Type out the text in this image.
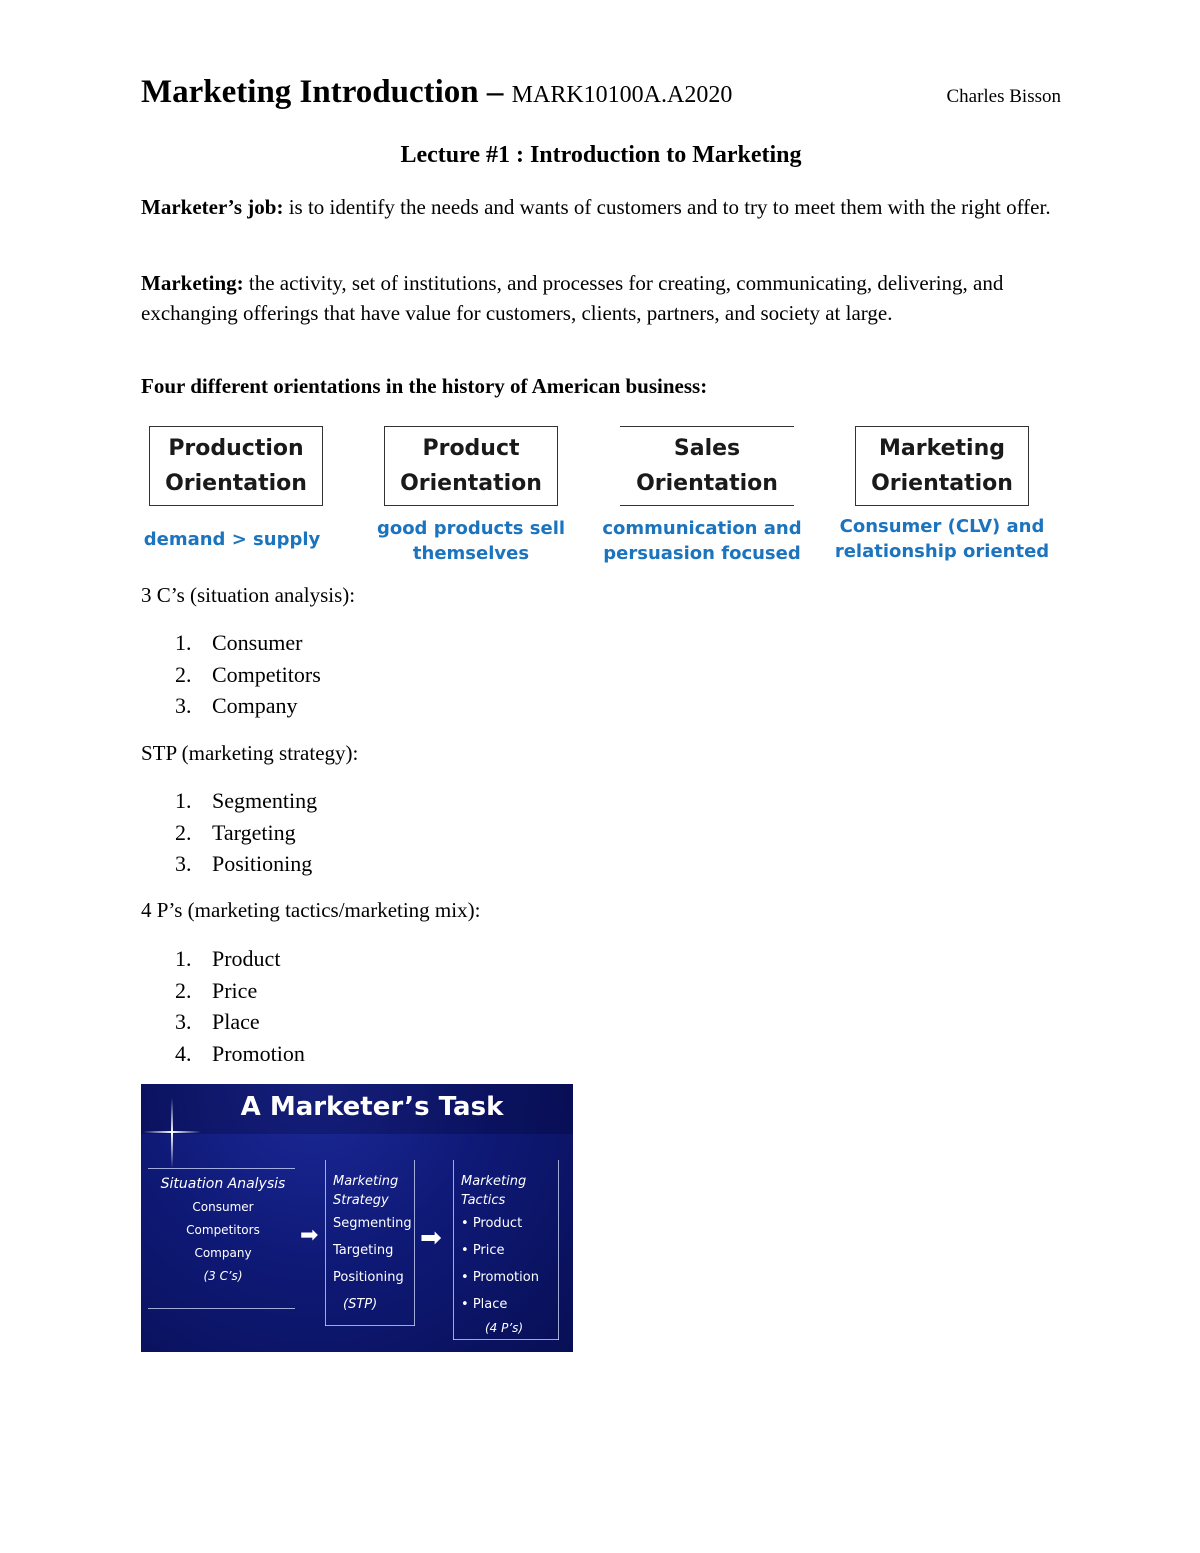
Marketing Introduction – MARK10100A.A2020	Charles Bisson
Lecture #1 : Introduction to Marketing
Marketer’s job: is to identify the needs and wants of customers and to try to meet them with the right offer.
Marketing: the activity, set of institutions, and processes for creating, communicating, delivering, and exchanging offerings that have value for customers, clients, partners, and society at large.
Four different orientations in the history of American business:
Production
Orientation
Product
Orientation
Sales
Orientation
Marketing
Orientation
demand > supply
good products sell
themselves
communication and
persuasion focused
Consumer (CLV) and
relationship oriented
3 C’s (situation analysis):
1. Consumer
2. Competitors
3. Company
STP (marketing strategy):
1. Segmenting
2. Targeting
3. Positioning
4 P’s (marketing tactics/marketing mix):
1. Product
2. Price
3. Place
4. Promotion
A Marketer’s Task
Situation Analysis
Consumer
Competitors
Company
(3 C’s)
➡
Marketing
Strategy
Segmenting
Targeting
Positioning
(STP)
➡
Marketing
Tactics
• Product
• Price
• Promotion
• Place
(4 P’s)
